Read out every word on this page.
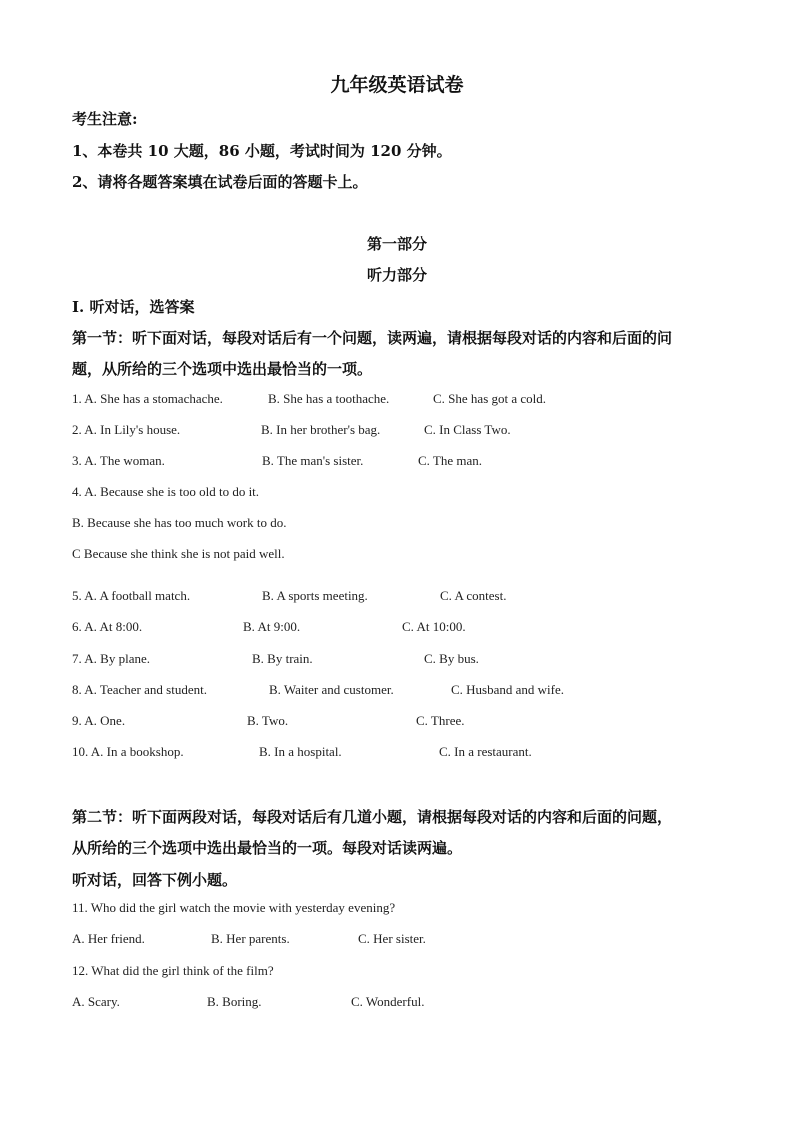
九年级英语试卷
考生注意:
1、本卷共 10 大题，86 小题，考试时间为 120 分钟。
2、请将各题答案填在试卷后面的答题卡上。
第一部分
听力部分
I. 听对话，选答案
第一节：听下面对话，每段对话后有一个问题，读两遍，请根据每段对话的内容和后面的问
题，从所给的三个选项中选出最恰当的一项。
1. A. She has a stomachache.	B. She has a toothache.	C. She has got a cold.
2. A. In Lily's house.	B. In her brother's bag.	C. In Class Two.
3. A. The woman.	B. The man's sister.	C. The man.
4. A. Because she is too old to do it.
B. Because she has too much work to do.
C Because she think she is not paid well.
5. A. A football match.	B. A sports meeting.	C. A contest.
6. A. At 8:00.	B. At 9:00.	C. At 10:00.
7. A. By plane.	B. By train.	C. By bus.
8. A. Teacher and student.	B. Waiter and customer.	C. Husband and wife.
9. A. One.	B. Two.	C. Three.
10. A. In a bookshop.	B. In a hospital.	C. In a restaurant.
第二节：听下面两段对话，每段对话后有几道小题，请根据每段对话的内容和后面的问题，
从所给的三个选项中选出最恰当的一项。每段对话读两遍。
听对话，回答下例小题。
11. Who did the girl watch the movie with yesterday evening?
A. Her friend.	B. Her parents.	C. Her sister.
12. What did the girl think of the film?
A. Scary.	B. Boring.	C. Wonderful.
